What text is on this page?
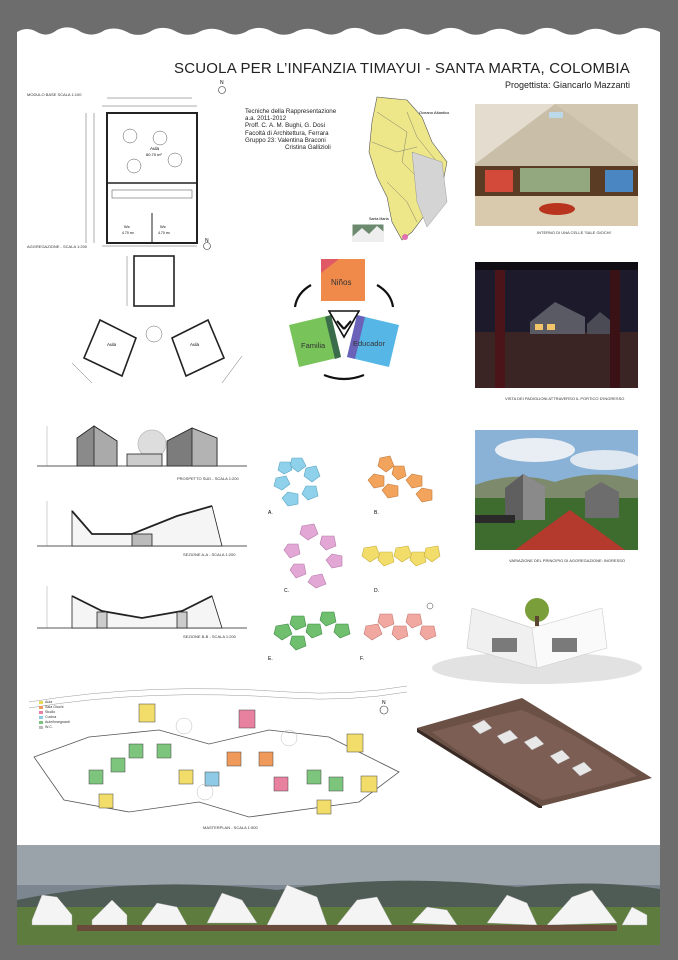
SCUOLA PER L’INFANZIA TIMAYUI - SANTA MARTA, COLOMBIA
Progettista: Giancarlo Mazzanti
MODULO BASE SCALA 1:100
N
Aula
60.70 m²
Wc
4.70 m²
Wc
4.70 m²
Tecniche della Rappresentazione
a.a. 2011-2012
Proff. C. A. M. Bughi, G. Dosi
Facoltà di Architettura, Ferrara
Gruppo 23: Valentina Braconi
Cristina Gallizioli
Oceano Atlantico
Santa Marta
INTERNO DI UNA CELLE 'SALE GIOCHI'
AGGREGAZIONE - SCALA 1:200
N
Aula	Aula
Niños
Familia	Educador
VISTA DEI PADIGLIONI ATTRAVERSO IL PORTICO D'INGRESSO
PROSPETTO SUD - SCALA 1:200
SEZIONE A-A - SCALA 1:200
SEZIONE B-B - SCALA 1:200
A.	B.
C.	D.
E.	F.
VARIAZIONE DEL PRINCIPIO DI AGGREGAZIONE: INGRESSO
N
Aula
Sala Giochi
Studio
Cucina
Aule/Insegnanti
W.C.
MASTERPLAN - SCALA 1:500
